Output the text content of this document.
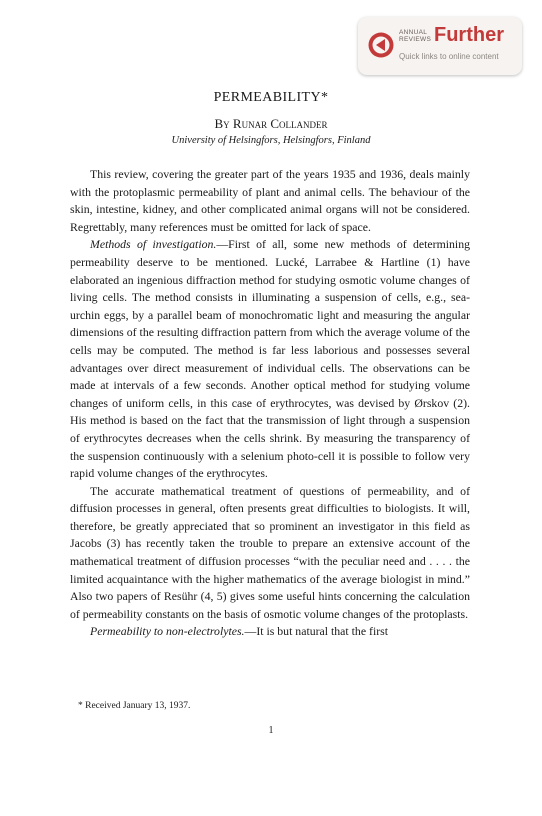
ANNUAL
REVIEWS Further
Quick links to online content
PERMEABILITY*
By Runar Collander
University of Helsingfors, Helsingfors, Finland

This review, covering the greater part of the years 1935 and 1936, deals mainly with the protoplasmic permeability of plant and animal cells. The behaviour of the skin, intestine, kidney, and other complicated animal organs will not be considered. Regrettably, many references must be omitted for lack of space.

Methods of investigation.—First of all, some new methods of determining permeability deserve to be mentioned. Lucké, Larrabee & Hartline (1) have elaborated an ingenious diffraction method for studying osmotic volume changes of living cells. The method consists in illuminating a suspension of cells, e.g., sea-urchin eggs, by a parallel beam of monochromatic light and measuring the angular dimensions of the resulting diffraction pattern from which the average volume of the cells may be computed. The method is far less laborious and possesses several advantages over direct measurement of individual cells. The observations can be made at intervals of a few seconds. Another optical method for studying volume changes of uniform cells, in this case of erythrocytes, was devised by Ørskov (2). His method is based on the fact that the transmission of light through a suspension of erythrocytes decreases when the cells shrink. By measuring the transparency of the suspension continuously with a selenium photo-cell it is possible to follow very rapid volume changes of the erythrocytes.

The accurate mathematical treatment of questions of permeability, and of diffusion processes in general, often presents great difficulties to biologists. It will, therefore, be greatly appreciated that so prominent an investigator in this field as Jacobs (3) has recently taken the trouble to prepare an extensive account of the mathematical treatment of diffusion processes “with the peculiar need and . . . . the limited acquaintance with the higher mathematics of the average biologist in mind.” Also two papers of Resühr (4, 5) gives some useful hints concerning the calculation of permeability constants on the basis of osmotic volume changes of the protoplasts.

Permeability to non-electrolytes.—It is but natural that the first

* Received January 13, 1937.
1
